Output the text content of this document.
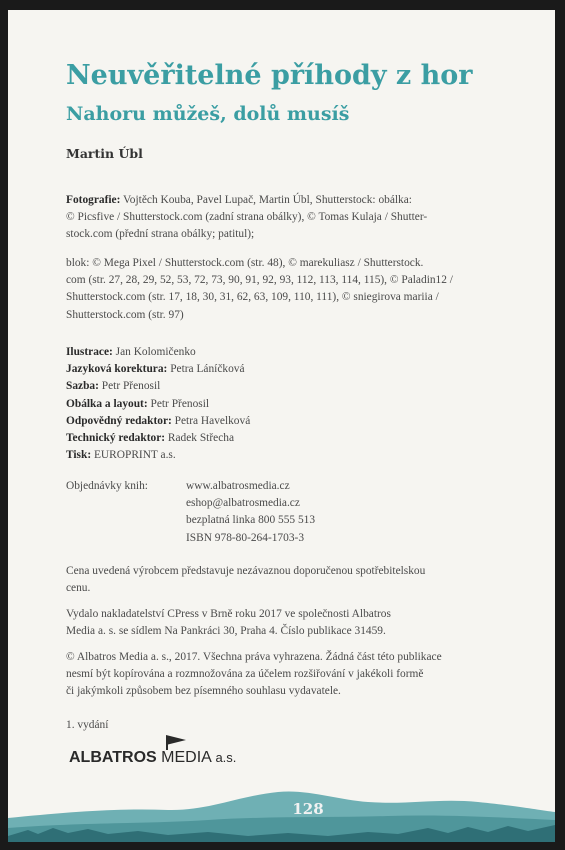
Neuvěřitelné příhody z hor
Nahoru můžeš, dolů musíš
Martin Úbl

Fotografie: Vojtěch Kouba, Pavel Lupač, Martin Úbl, Shutterstock: obálka:

© Picsfive / Shutterstock.com (zadní strana obálky), © Tomas Kulaja / Shutter-

stock.com (přední strana obálky; patitul);

blok: © Mega Pixel / Shutterstock.com (str. 48), © marekuliasz / Shutterstock.

com (str. 27, 28, 29, 52, 53, 72, 73, 90, 91, 92, 93, 112, 113, 114, 115), © Paladin12 /

Shutterstock.com (str. 17, 18, 30, 31, 62, 63, 109, 110, 111), © sniegirova mariia /

Shutterstock.com (str. 97)

Ilustrace: Jan Kolomičenko
Jazyková korektura: Petra Láníčková
Sazba: Petr Přenosil
Obálka a layout: Petr Přenosil
Odpovědný redaktor: Petra Havelková
Technický redaktor: Radek Střecha
Tisk: EUROPRINT a.s.
Objednávky knih:	www.albatrosmedia.cz
eshop@albatrosmedia.cz
bezplatná linka 800 555 513
ISBN 978-80-264-1703-3

Cena uvedená výrobcem představuje nezávaznou doporučenou spotřebitelskou

cenu.

Vydalo nakladatelství CPress v Brně roku 2017 ve společnosti Albatros

Media a. s. se sídlem Na Pankráci 30, Praha 4. Číslo publikace 31459.

© Albatros Media a. s., 2017. Všechna práva vyhrazena. Žádná část této publikace

nesmí být kopírována a rozmnožována za účelem rozšiřování v jakékoli formě

či jakýmkoli způsobem bez písemného souhlasu vydavatele.

1. vydání
ALBATROS MEDIA a.s.
128
